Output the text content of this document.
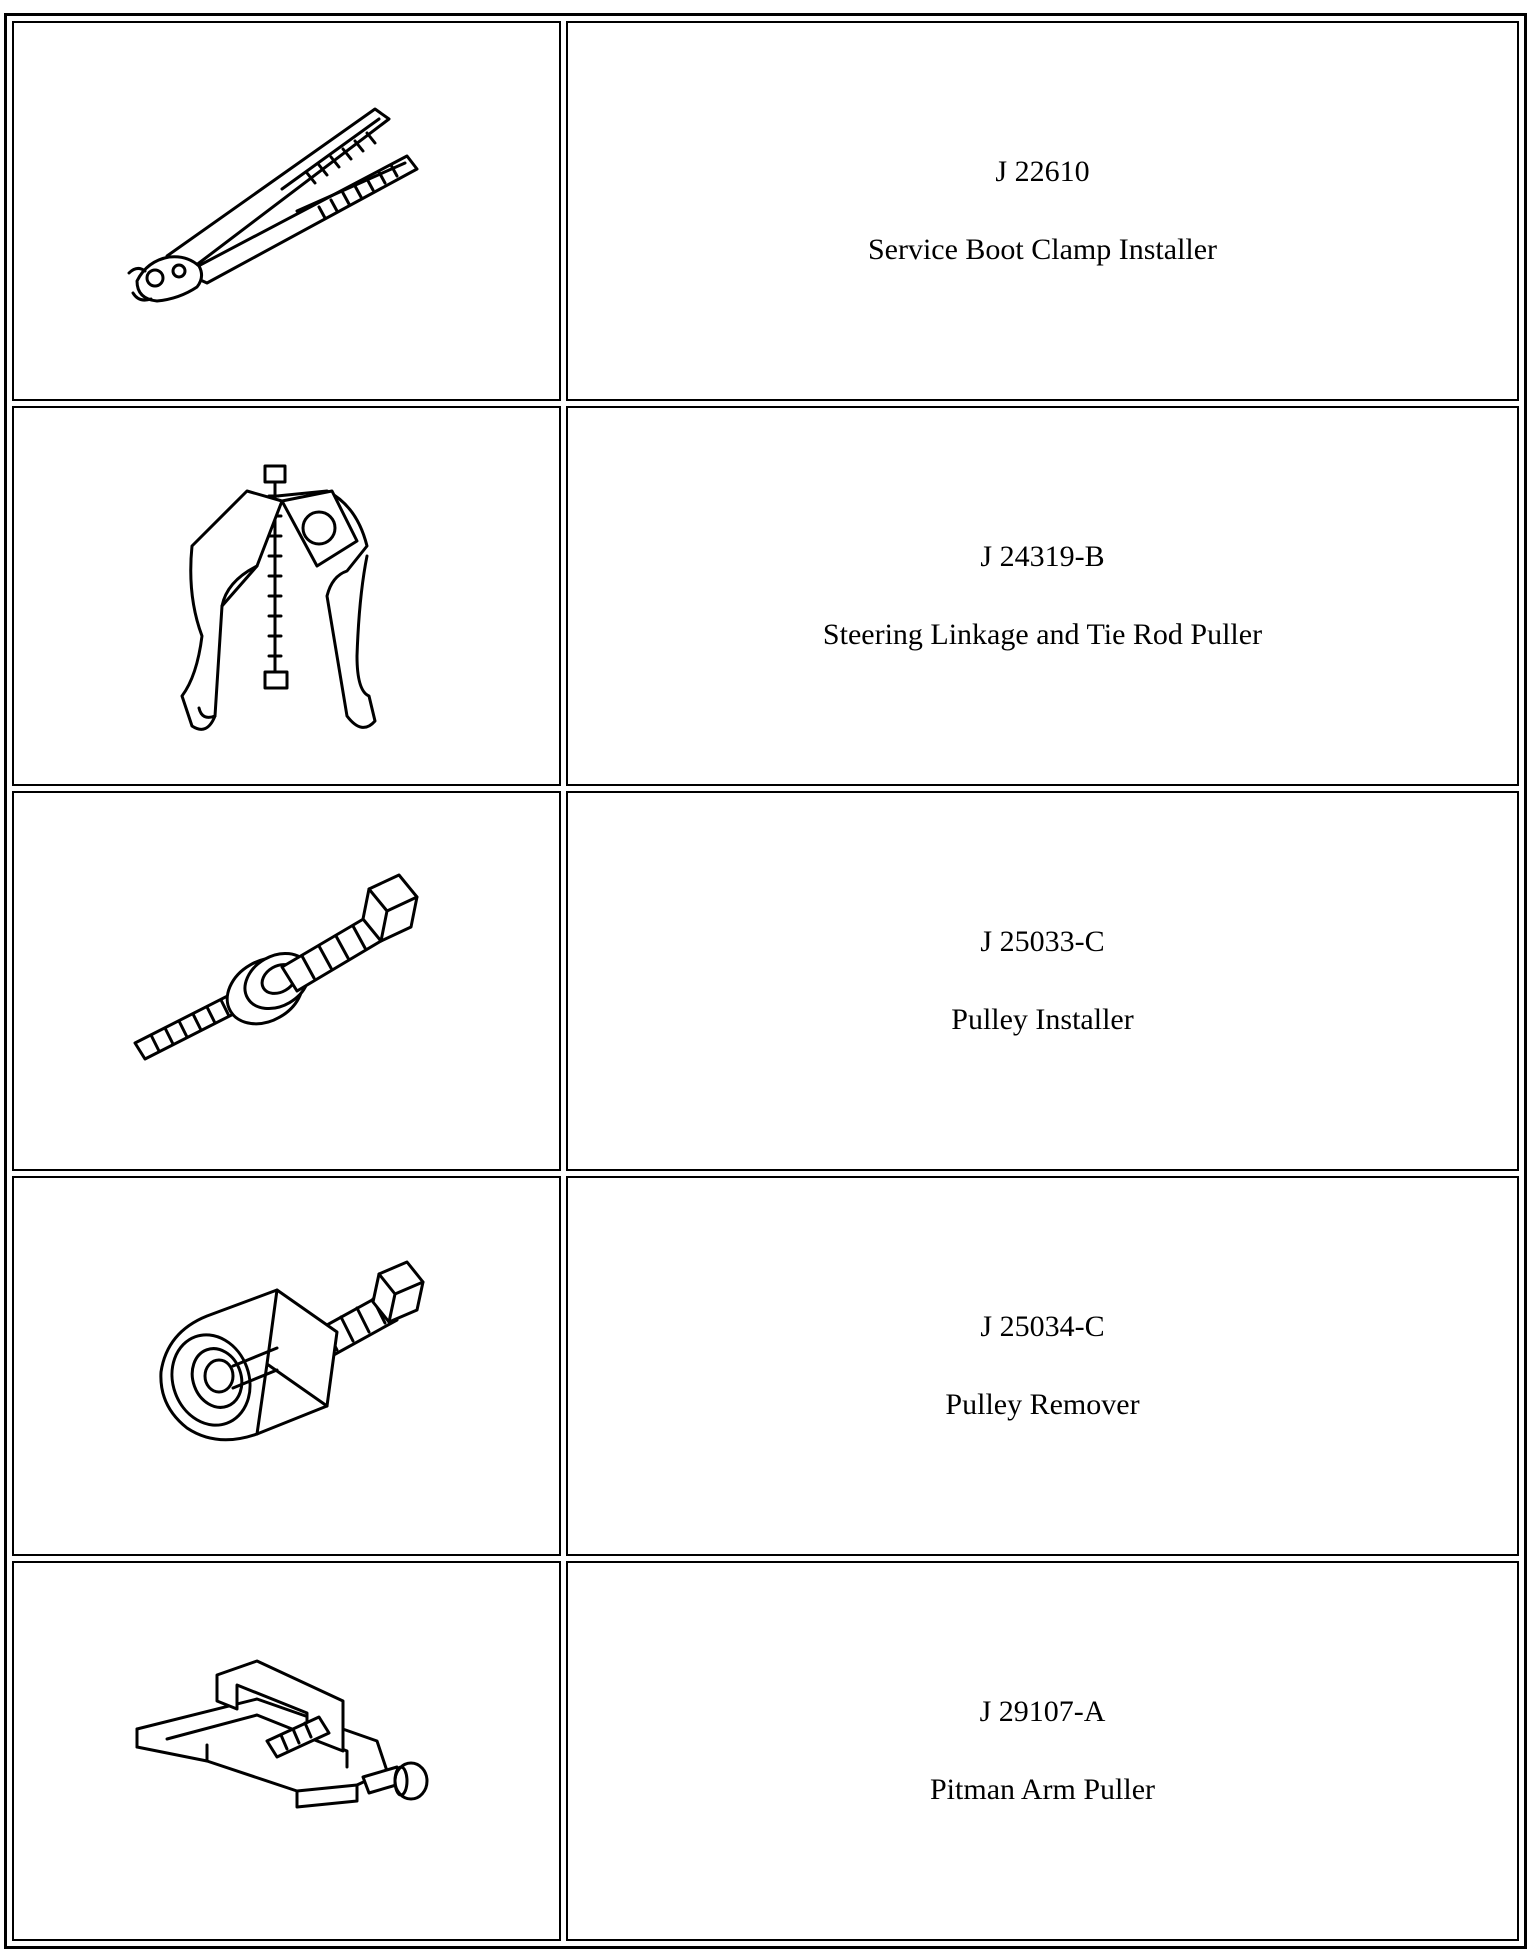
J 22610
Service Boot Clamp Installer

J 24319-B
Steering Linkage and Tie Rod Puller

J 25033-C
Pulley Installer

J 25034-C
Pulley Remover

J 29107-A
Pitman Arm Puller
